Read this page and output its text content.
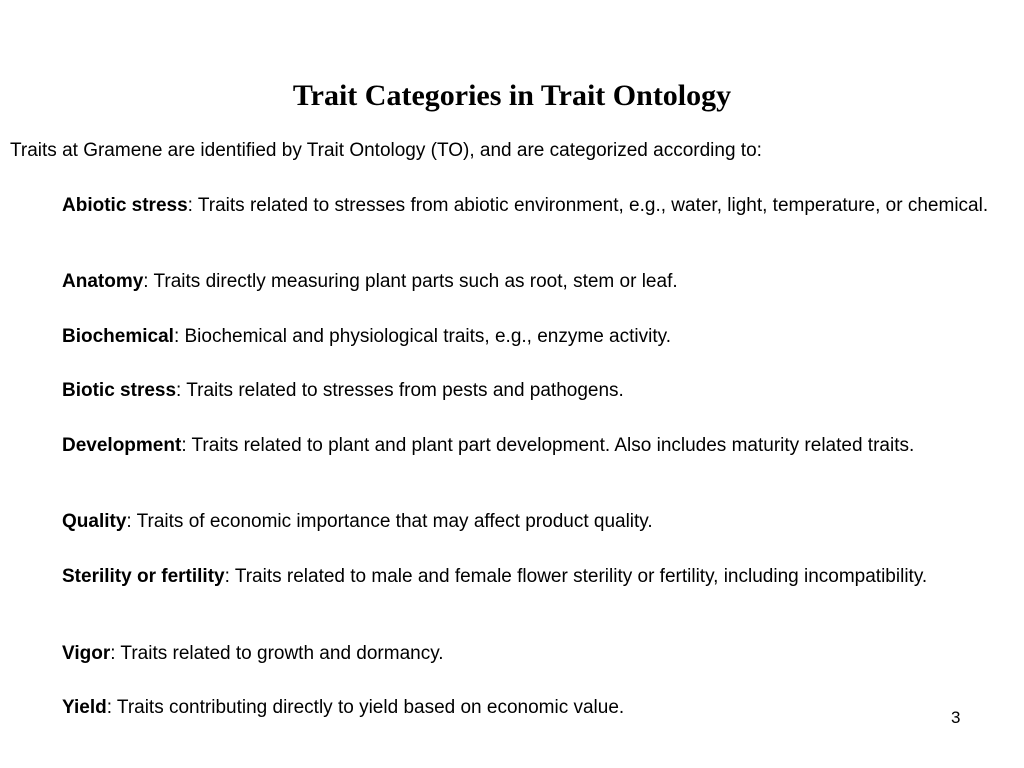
Trait Categories in Trait Ontology
Traits at Gramene are identified by Trait Ontology (TO), and are categorized according to:
Abiotic stress: Traits related to stresses from abiotic environment, e.g., water, light, temperature, or chemical.
Anatomy: Traits directly measuring plant parts such as root, stem or leaf.
Biochemical: Biochemical and physiological traits, e.g., enzyme activity.
Biotic stress: Traits related to stresses from pests and pathogens.
Development: Traits related to plant and plant part development. Also includes maturity related traits.
Quality: Traits of economic importance that may affect product quality.
Sterility or fertility: Traits related to male and female flower sterility or fertility, including incompatibility.
Vigor: Traits related to growth and dormancy.
Yield: Traits contributing directly to yield based on economic value.	3
